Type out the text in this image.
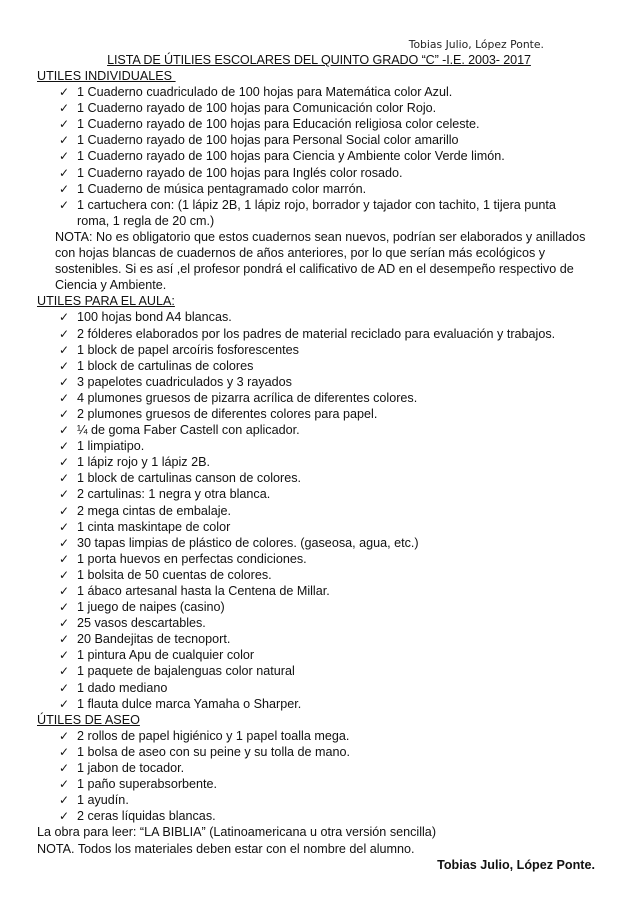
Tobias Julio, López Ponte.
LISTA DE ÚTILIES ESCOLARES DEL QUINTO GRADO “C” -I.E. 2003- 2017
UTILES INDIVIDUALES
✓ 1 Cuaderno cuadriculado de 100 hojas para Matemática color Azul.
✓ 1 Cuaderno rayado de 100 hojas para Comunicación color Rojo.
✓ 1 Cuaderno rayado de 100 hojas para Educación religiosa color celeste.
✓ 1 Cuaderno rayado de 100 hojas para Personal Social color amarillo
✓ 1 Cuaderno rayado de 100 hojas para Ciencia y Ambiente color Verde limón.
✓ 1 Cuaderno rayado de 100 hojas para Inglés color rosado.
✓ 1 Cuaderno de música pentagramado color marrón.
✓ 1 cartuchera con: (1 lápiz 2B, 1 lápiz rojo, borrador y tajador con tachito, 1 tijera punta roma, 1 regla de 20 cm.)
NOTA: No es obligatorio que estos cuadernos sean nuevos, podrían ser elaborados y anillados con hojas blancas de cuadernos de años anteriores, por lo que serían más ecológicos y sostenibles. Si es así ,el profesor pondrá el calificativo de AD en el desempeño respectivo de Ciencia y Ambiente.
UTILES PARA EL AULA:
✓ 100 hojas bond A4 blancas.
✓ 2 fólderes elaborados por los padres de material reciclado para evaluación y trabajos.
✓ 1 block de papel arcoíris fosforescentes
✓ 1 block de cartulinas de colores
✓ 3 papelotes cuadriculados y 3 rayados
✓ 4 plumones gruesos de pizarra acrílica de diferentes colores.
✓ 2 plumones gruesos de diferentes colores para papel.
✓ ¼ de goma Faber Castell con aplicador.
✓ 1 limpiatipo.
✓ 1 lápiz rojo y 1 lápiz 2B.
✓ 1 block de cartulinas canson de colores.
✓ 2 cartulinas: 1 negra y otra blanca.
✓ 2 mega cintas de embalaje.
✓ 1 cinta maskintape de color
✓ 30 tapas limpias de plástico de colores. (gaseosa, agua, etc.)
✓ 1 porta huevos en perfectas condiciones.
✓ 1 bolsita de 50 cuentas de colores.
✓ 1 ábaco artesanal hasta la Centena de Millar.
✓ 1 juego de naipes (casino)
✓ 25 vasos descartables.
✓ 20 Bandejitas de tecnoport.
✓ 1 pintura Apu de cualquier color
✓ 1 paquete de bajalenguas color natural
✓ 1 dado mediano
✓ 1 flauta dulce marca Yamaha o Sharper.
ÚTILES DE ASEO
✓ 2 rollos de papel higiénico y 1 papel toalla mega.
✓ 1 bolsa de aseo con su peine y su tolla de mano.
✓ 1 jabon de tocador.
✓ 1 paño superabsorbente.
✓ 1 ayudín.
✓ 2 ceras líquidas blancas.
La obra para leer: “LA BIBLIA” (Latinoamericana u otra versión sencilla)
NOTA. Todos los materiales deben estar con el nombre del alumno.
Tobias Julio, López Ponte.
